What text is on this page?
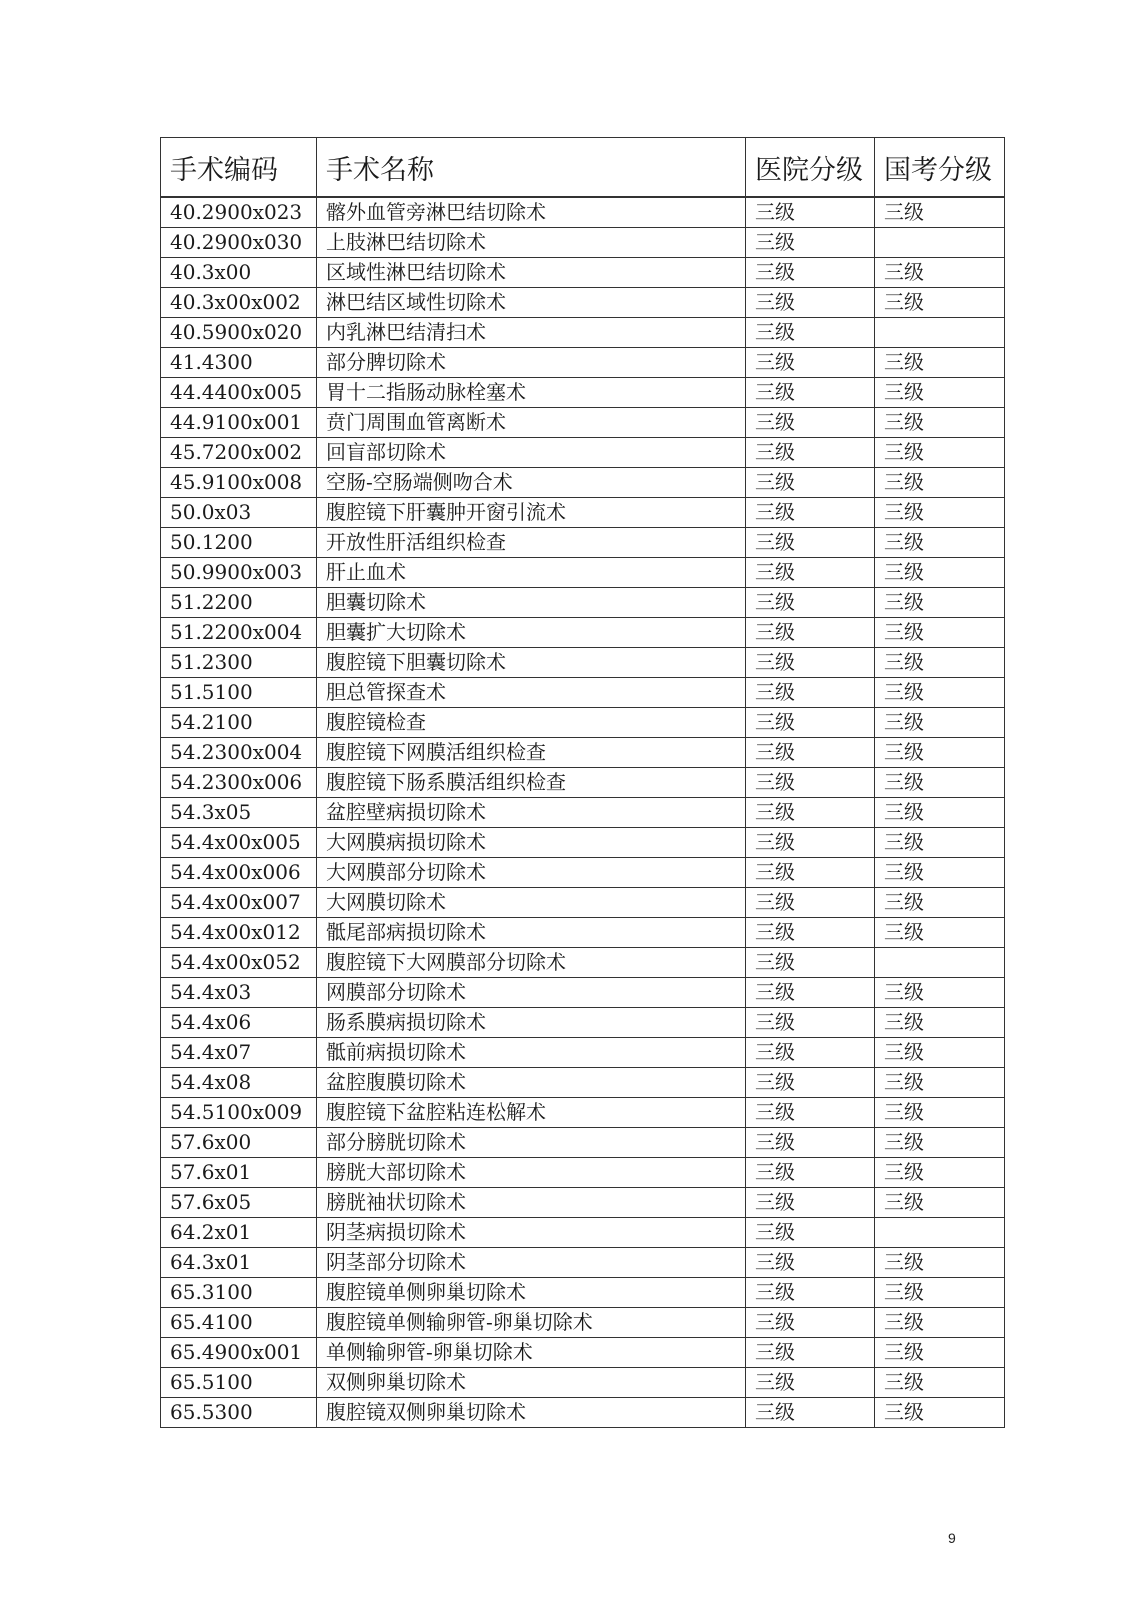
手术编码	手术名称	医院分级	国考分级
40.2900x023	髂外血管旁淋巴结切除术	三级	三级
40.2900x030	上肢淋巴结切除术	三级	
40.3x00	区域性淋巴结切除术	三级	三级
40.3x00x002	淋巴结区域性切除术	三级	三级
40.5900x020	内乳淋巴结清扫术	三级	
41.4300	部分脾切除术	三级	三级
44.4400x005	胃十二指肠动脉栓塞术	三级	三级
44.9100x001	贲门周围血管离断术	三级	三级
45.7200x002	回盲部切除术	三级	三级
45.9100x008	空肠-空肠端侧吻合术	三级	三级
50.0x03	腹腔镜下肝囊肿开窗引流术	三级	三级
50.1200	开放性肝活组织检查	三级	三级
50.9900x003	肝止血术	三级	三级
51.2200	胆囊切除术	三级	三级
51.2200x004	胆囊扩大切除术	三级	三级
51.2300	腹腔镜下胆囊切除术	三级	三级
51.5100	胆总管探查术	三级	三级
54.2100	腹腔镜检查	三级	三级
54.2300x004	腹腔镜下网膜活组织检查	三级	三级
54.2300x006	腹腔镜下肠系膜活组织检查	三级	三级
54.3x05	盆腔壁病损切除术	三级	三级
54.4x00x005	大网膜病损切除术	三级	三级
54.4x00x006	大网膜部分切除术	三级	三级
54.4x00x007	大网膜切除术	三级	三级
54.4x00x012	骶尾部病损切除术	三级	三级
54.4x00x052	腹腔镜下大网膜部分切除术	三级	
54.4x03	网膜部分切除术	三级	三级
54.4x06	肠系膜病损切除术	三级	三级
54.4x07	骶前病损切除术	三级	三级
54.4x08	盆腔腹膜切除术	三级	三级
54.5100x009	腹腔镜下盆腔粘连松解术	三级	三级
57.6x00	部分膀胱切除术	三级	三级
57.6x01	膀胱大部切除术	三级	三级
57.6x05	膀胱袖状切除术	三级	三级
64.2x01	阴茎病损切除术	三级	
64.3x01	阴茎部分切除术	三级	三级
65.3100	腹腔镜单侧卵巢切除术	三级	三级
65.4100	腹腔镜单侧输卵管-卵巢切除术	三级	三级
65.4900x001	单侧输卵管-卵巢切除术	三级	三级
65.5100	双侧卵巢切除术	三级	三级
65.5300	腹腔镜双侧卵巢切除术	三级	三级
9
